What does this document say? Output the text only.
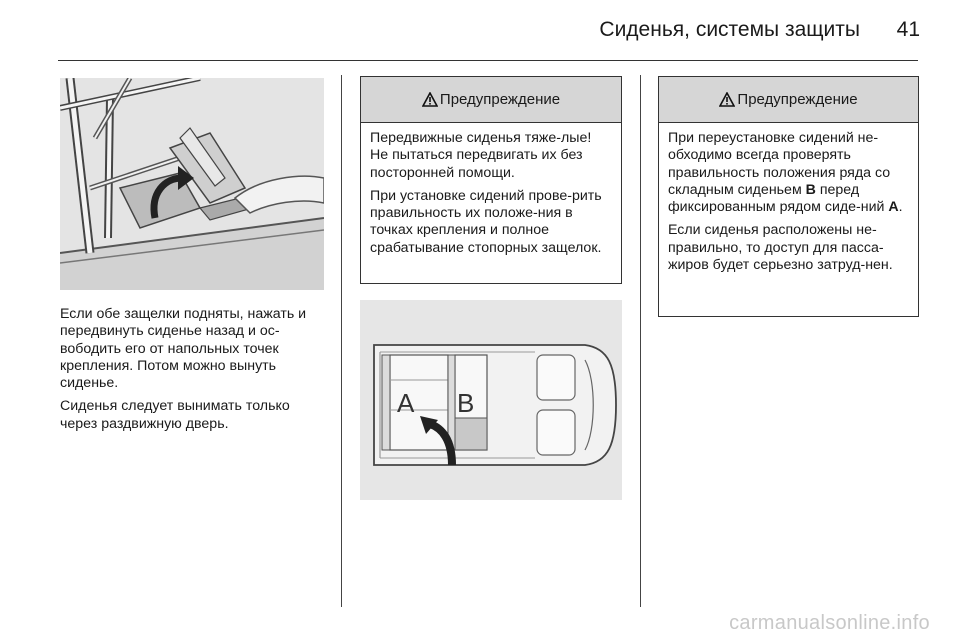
Сиденья, системы защиты	41

Если обе защелки подняты, нажать и передвинуть сиденье назад и ос-вободить его от напольных точек крепления. Потом можно вынуть сиденье.

Сиденья следует вынимать только через раздвижную дверь.

Предупреждение

Передвижные сиденья тяже-лые! Не пытаться передвигать их без посторонней помощи.

При установке сидений прове-рить правильность их положе-ния в точках крепления и полное срабатывание стопорных защелок.

A B
Предупреждение

При переустановке сидений не-обходимо всегда проверять правильность положения ряда со складным сиденьем B перед фиксированным рядом сиде-ний A.

Если сиденья расположены не-правильно, то доступ для пасса-жиров будет серьезно затруд-нен.

carmanualsonline.info
